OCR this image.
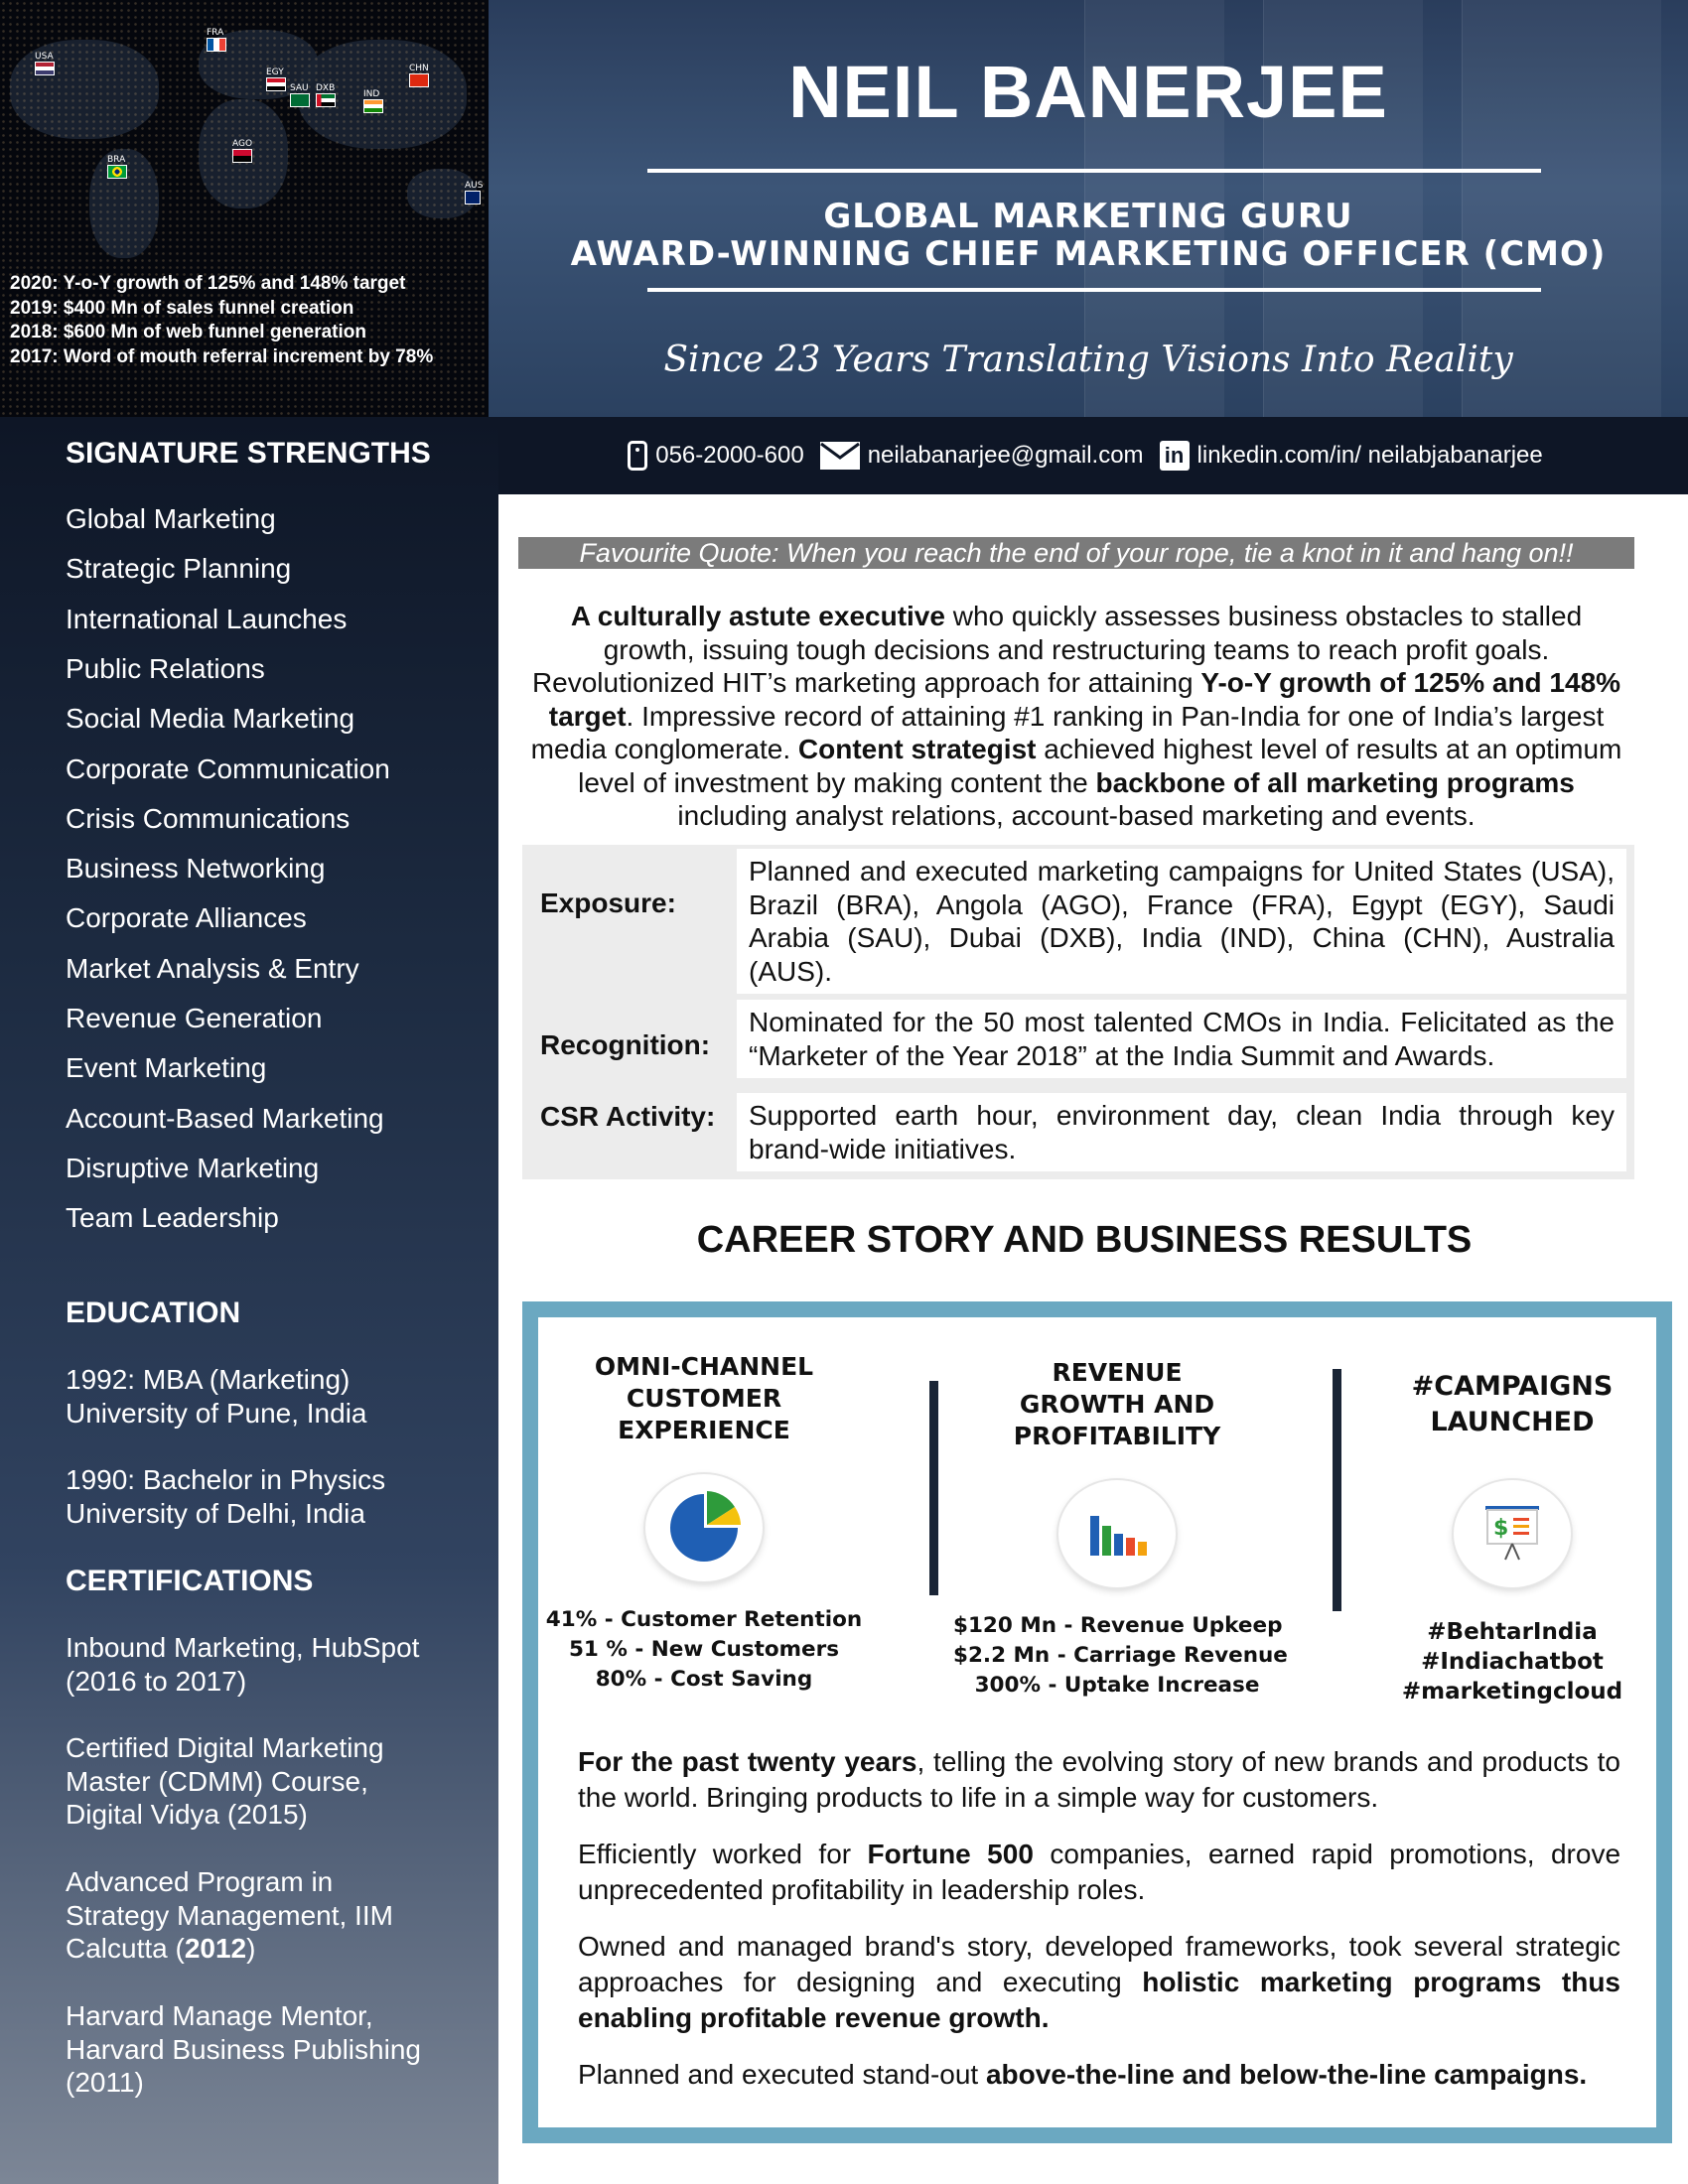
USA
FRA
EGY
SAU DXB
IND
CHN
BRA
AGO
AUS
2020: Y-o-Y growth of 125% and 148% target
2019: $400 Mn of sales funnel creation
2018: $600 Mn of web funnel generation
2017: Word of mouth referral increment by 78%
NEIL BANERJEE
GLOBAL MARKETING GURU
AWARD-WINNING CHIEF MARKETING OFFICER (CMO)
Since 23 Years Translating Visions Into Reality
056-2000-600	neilabanarjee@gmail.com in linkedin.com/in/ neilabjabanarjee
SIGNATURE STRENGTHS
Global Marketing
Strategic Planning
International Launches
Public Relations
Social Media Marketing
Corporate Communication
Crisis Communications
Business Networking
Corporate Alliances
Market Analysis & Entry
Revenue Generation
Event Marketing
Account-Based Marketing
Disruptive Marketing
Team Leadership
EDUCATION
1992: MBA (Marketing)
University of Pune, India
1990: Bachelor in Physics
University of Delhi, India
CERTIFICATIONS
Inbound Marketing, HubSpot
(2016 to 2017)
Certified Digital Marketing
Master (CDMM) Course,
Digital Vidya (2015)
Advanced Program in
Strategy Management, IIM
Calcutta (2012)
Harvard Manage Mentor,
Harvard Business Publishing
(2011)
Favourite Quote: When you reach the end of your rope, tie a knot in it and hang on!!
A culturally astute executive who quickly assesses business obstacles to stalled growth, issuing tough decisions and restructuring teams to reach profit goals. Revolutionized HIT’s marketing approach for attaining Y-o-Y growth of 125% and 148% target. Impressive record of attaining #1 ranking in Pan-India for one of India’s largest media conglomerate. Content strategist achieved highest level of results at an optimum level of investment by making content the backbone of all marketing programs including analyst relations, account-based marketing and events.
Exposure:
Planned and executed marketing campaigns for United States (USA), Brazil (BRA), Angola (AGO), France (FRA), Egypt (EGY), Saudi Arabia (SAU), Dubai (DXB), India (IND), China (CHN), Australia (AUS).
Recognition:
Nominated for the 50 most talented CMOs in India. Felicitated as the “Marketer of the Year 2018” at the India Summit and Awards.
CSR Activity:	Supported earth hour, environment day, clean India through key brand-wide initiatives.
CAREER STORY AND BUSINESS RESULTS
OMNI-CHANNEL
CUSTOMER
EXPERIENCE
41% - Customer Retention
51 % - New Customers
80% - Cost Saving
REVENUE
GROWTH AND
PROFITABILITY
$120 Mn - Revenue Upkeep
$2.2 Mn - Carriage Revenue
300% - Uptake Increase
#CAMPAIGNS
LAUNCHED
$
#BehtarIndia
#Indiachatbot
#marketingcloud
For the past twenty years, telling the evolving story of new brands and products to the world. Bringing products to life in a simple way for customers.
Efficiently worked for Fortune 500 companies, earned rapid promotions, drove unprecedented profitability in leadership roles.
Owned and managed brand's story, developed frameworks, took several strategic approaches for designing and executing holistic marketing programs thus enabling profitable revenue growth.
Planned and executed stand-out above-the-line and below-the-line campaigns.
